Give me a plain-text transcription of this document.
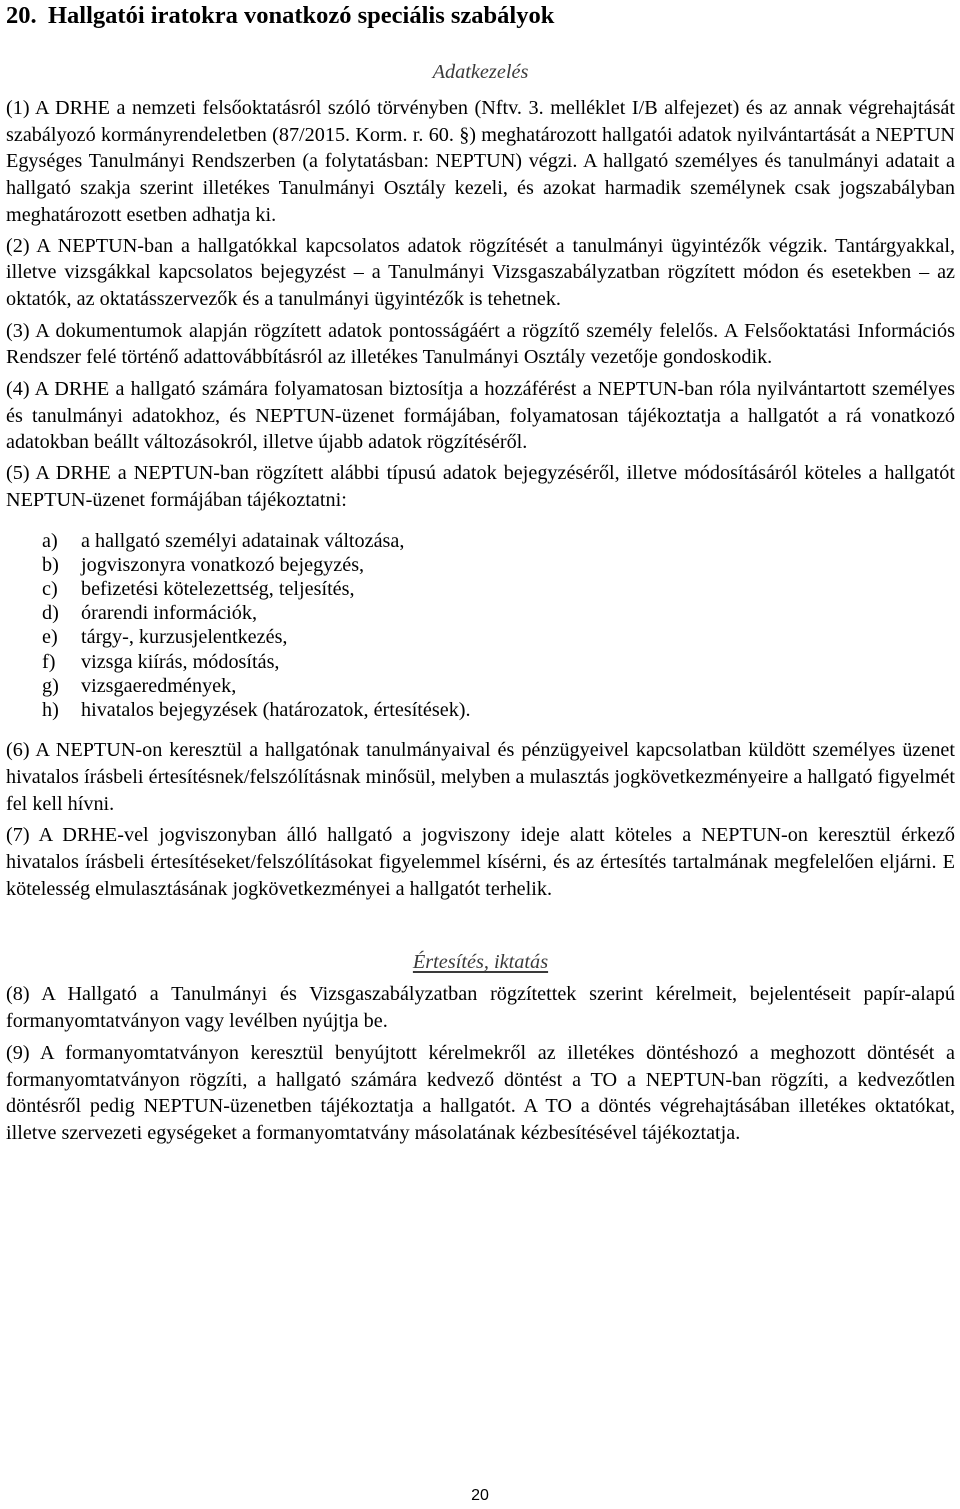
20. Hallgatói iratokra vonatkozó speciális szabályok
Adatkezelés

(1) A DRHE a nemzeti felsőoktatásról szóló törvényben (Nftv. 3. melléklet I/B alfejezet) és az annak végrehajtását szabályozó kormányrendeletben (87/2015. Korm. r. 60. §) meghatározott hallgatói adatok nyilvántartását a NEPTUN Egységes Tanulmányi Rendszerben (a folytatásban: NEPTUN) végzi. A hallgató személyes és tanulmányi adatait a hallgató szakja szerint illetékes Tanulmányi Osztály kezeli, és azokat harmadik személynek csak jogszabályban meghatározott esetben adhatja ki.

(2) A NEPTUN-ban a hallgatókkal kapcsolatos adatok rögzítését a tanulmányi ügyintézők végzik. Tantárgyakkal, illetve vizsgákkal kapcsolatos bejegyzést – a Tanulmányi Vizsgaszabályzatban rögzített módon és esetekben – az oktatók, az oktatásszervezők és a tanulmányi ügyintézők is tehetnek.

(3) A dokumentumok alapján rögzített adatok pontosságáért a rögzítő személy felelős. A Felsőoktatási Információs Rendszer felé történő adattovábbításról az illetékes Tanulmányi Osztály vezetője gondoskodik.

(4) A DRHE a hallgató számára folyamatosan biztosítja a hozzáférést a NEPTUN-ban róla nyilvántartott személyes és tanulmányi adatokhoz, és NEPTUN-üzenet formájában, folyamatosan tájékoztatja a hallgatót a rá vonatkozó adatokban beállt változásokról, illetve újabb adatok rögzítéséről.

(5) A DRHE a NEPTUN-ban rögzített alábbi típusú adatok bejegyzéséről, illetve módosításáról köteles a hallgatót NEPTUN-üzenet formájában tájékoztatni:

a) a hallgató személyi adatainak változása,
b) jogviszonyra vonatkozó bejegyzés,
c) befizetési kötelezettség, teljesítés,
d) órarendi információk,
e) tárgy-, kurzusjelentkezés,
f) vizsga kiírás, módosítás,
g) vizsgaeredmények,
h) hivatalos bejegyzések (határozatok, értesítések).

(6) A NEPTUN-on keresztül a hallgatónak tanulmányaival és pénzügyeivel kapcsolatban küldött személyes üzenet hivatalos írásbeli értesítésnek/felszólításnak minősül, melyben a mulasztás jogkövetkezményeire a hallgató figyelmét fel kell hívni.

(7) A DRHE-vel jogviszonyban álló hallgató a jogviszony ideje alatt köteles a NEPTUN-on keresztül érkező hivatalos írásbeli értesítéseket/felszólításokat figyelemmel kísérni, és az értesítés tartalmának megfelelően eljárni. E kötelesség elmulasztásának jogkövetkezményei a hallgatót terhelik.

Értesítés, iktatás

(8) A Hallgató a Tanulmányi és Vizsgaszabályzatban rögzítettek szerint kérelmeit, bejelentéseit papír-alapú formanyomtatványon vagy levélben nyújtja be.

(9) A formanyomtatványon keresztül benyújtott kérelmekről az illetékes döntéshozó a meghozott döntését a formanyomtatványon rögzíti, a hallgató számára kedvező döntést a TO a NEPTUN-ban rögzíti, a kedvezőtlen döntésről pedig NEPTUN-üzenetben tájékoztatja a hallgatót. A TO a döntés végrehajtásában illetékes oktatókat, illetve szervezeti egységeket a formanyomtatvány másolatának kézbesítésével tájékoztatja.

20
